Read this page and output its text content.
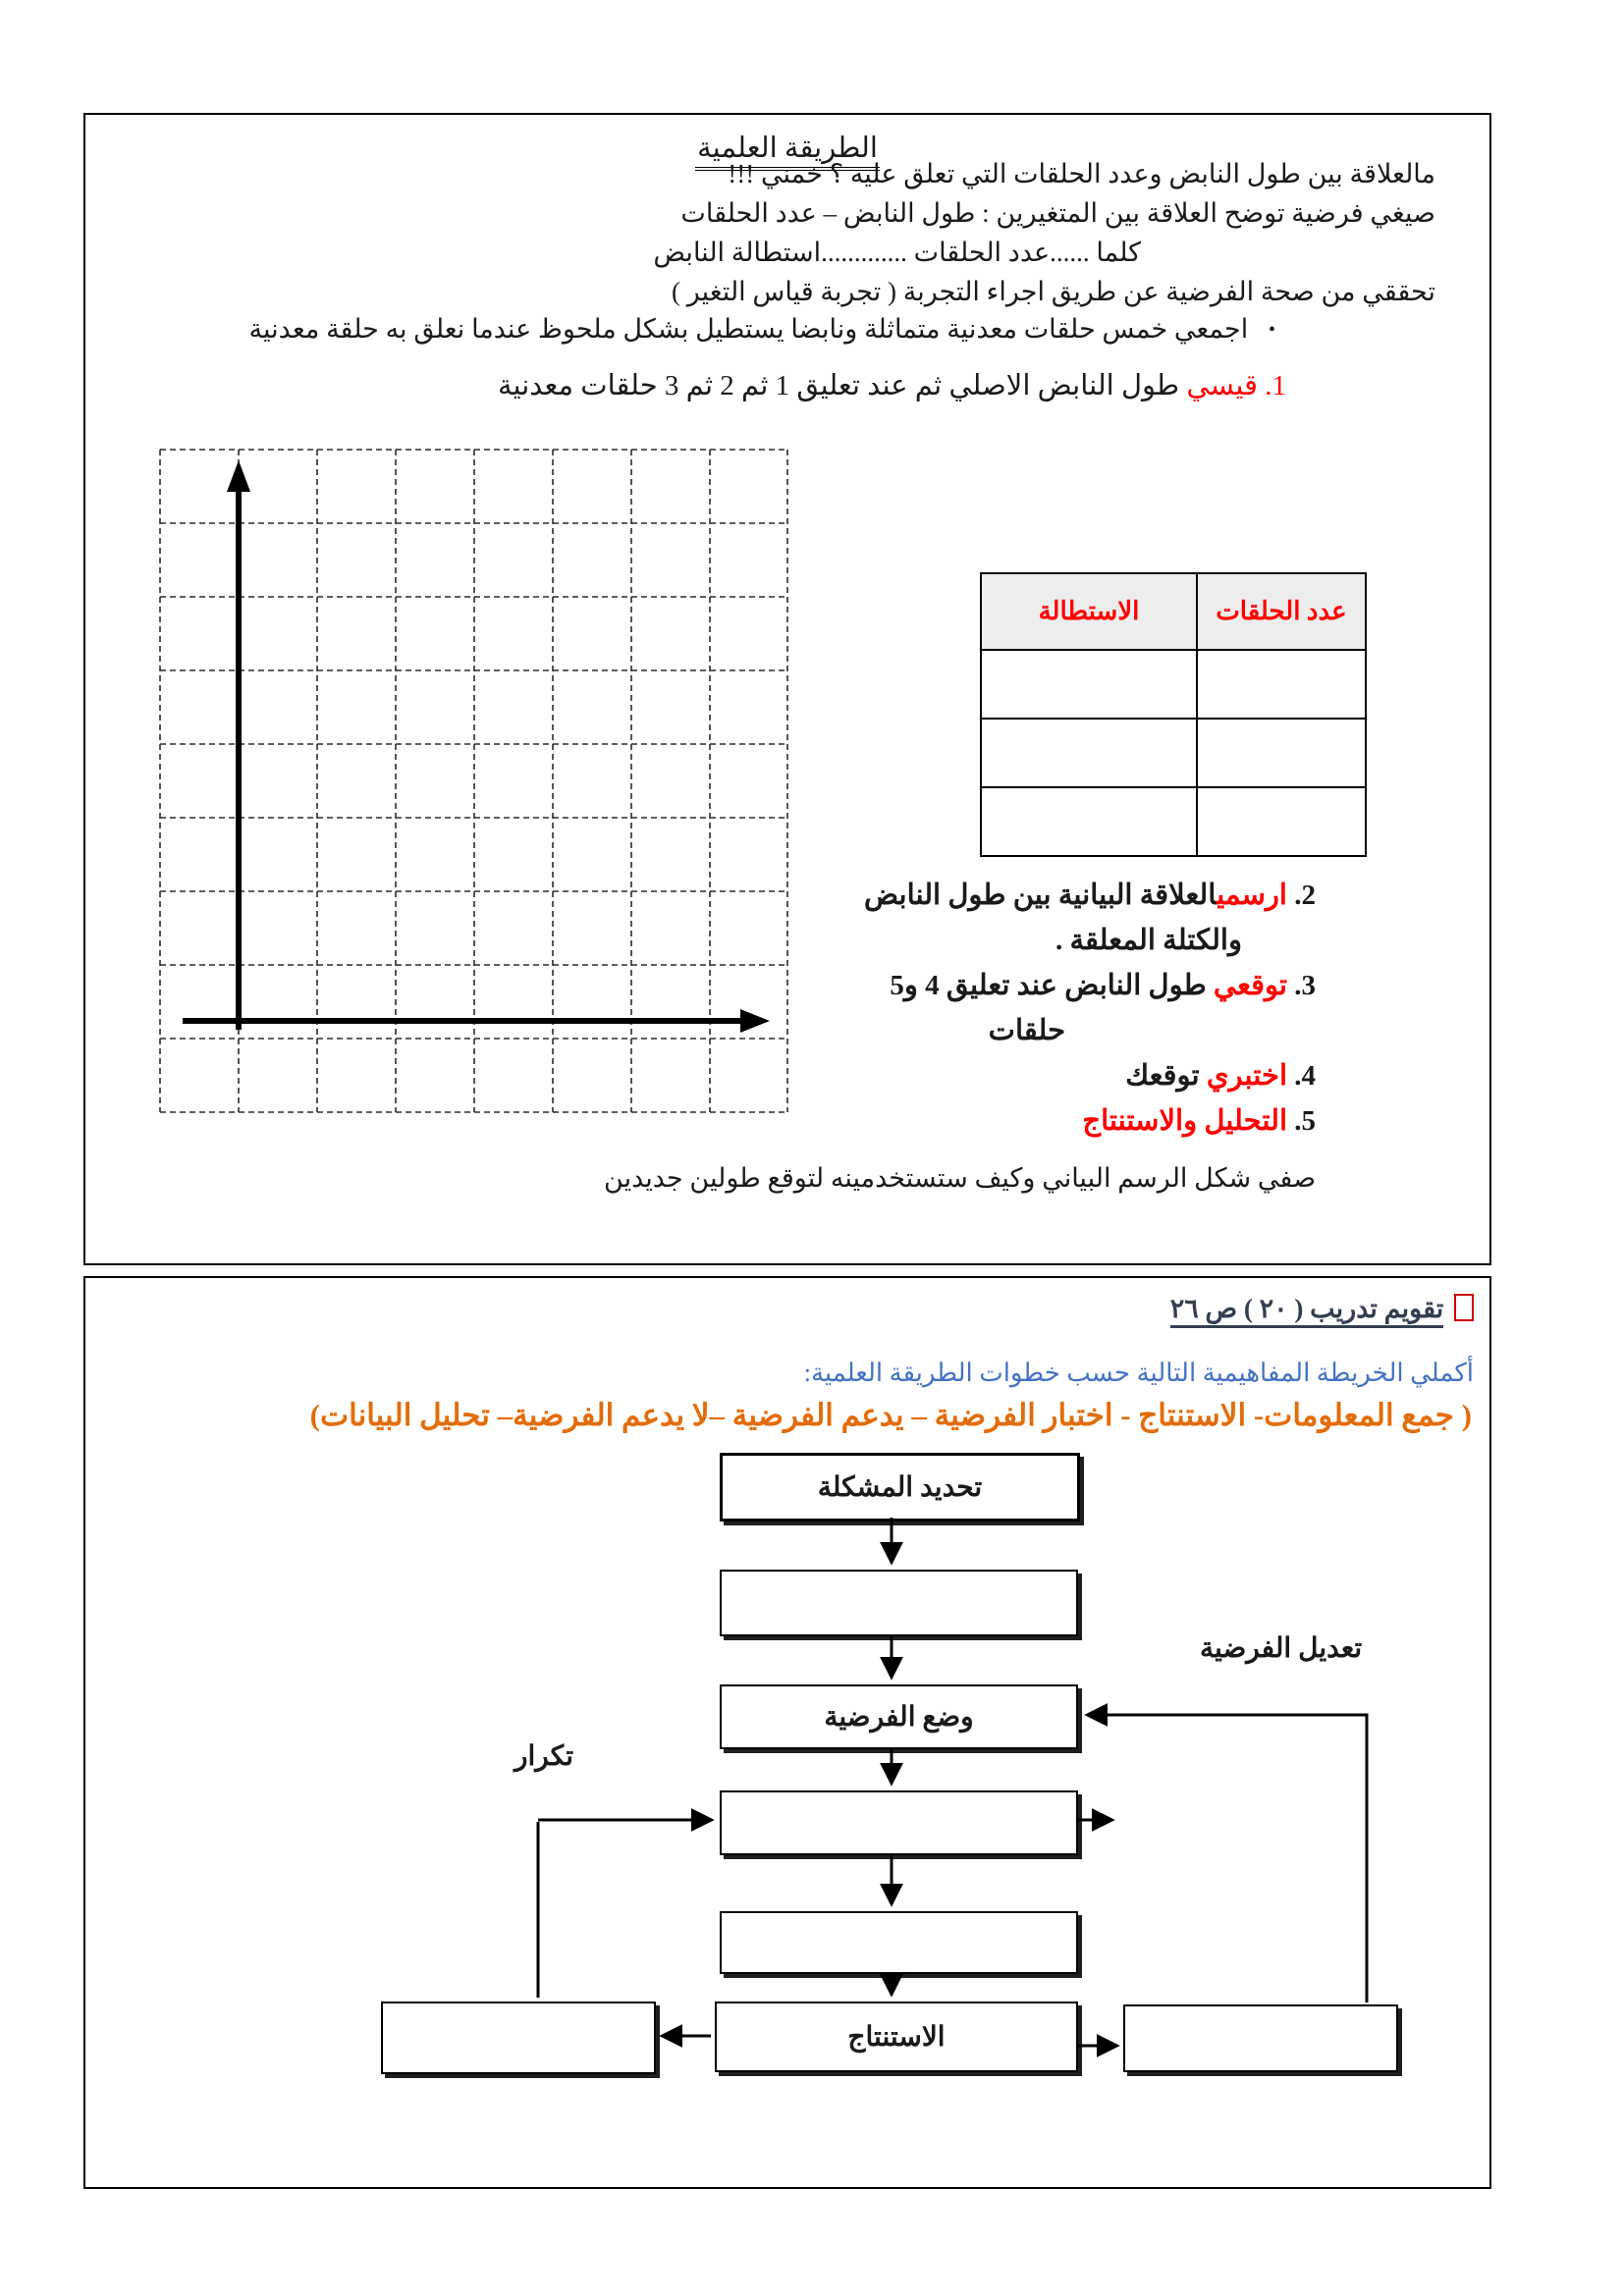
الطريقة العلمية
مالعلاقة بين طول النابض وعدد الحلقات التي تعلق عليه ؟ خمني !!!
صيغي فرضية توضح العلاقة بين المتغيرين : طول النابض – عدد الحلقات
كلما ......عدد الحلقات .............استطالة النابض
تحققي من صحة الفرضية عن طريق اجراء التجربة ( تجربة قياس التغير )
• اجمعي خمس حلقات معدنية متماثلة ونابضا يستطيل بشكل ملحوظ عندما نعلق به حلقة معدنية
1. قيسي طول النابض الاصلي ثم عند تعليق 1 ثم 2 ثم 3 حلقات معدنية
عدد الحلقات	الاستطالة

2. ارسميالعلاقة البيانية بين طول النابض
والكتلة المعلقة .
3. توقعي طول النابض عند تعليق 4 و5
حلقات
4. اختبري توقعك
5. التحليل والاستنتاج
صفي شكل الرسم البياني وكيف ستستخدمينه لتوقع طولين جديدين
تقويم تدريب ( ٢٠ ) ص ٢٦
أكملي الخريطة المفاهيمية التالية حسب خطوات الطريقة العلمية:
( جمع المعلومات- الاستنتاج - اختبار الفرضية – يدعم الفرضية –لا يدعم الفرضية– تحليل البيانات)
تحديد المشكلة
وضع الفرضية
الاستنتاج
تعديل الفرضية
تكرار
